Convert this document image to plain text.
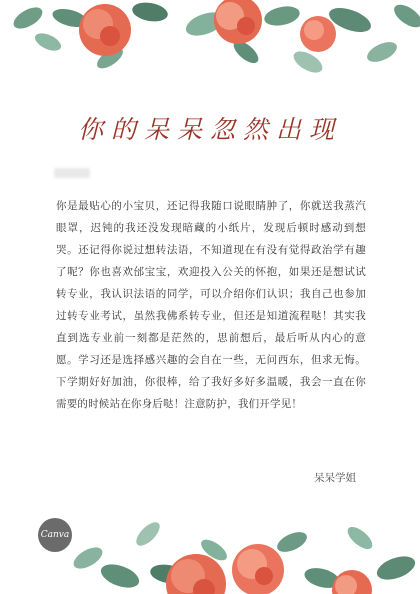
你的呆呆忽然出现
你是最贴心的小宝贝，还记得我随口说眼睛肿了，你就送我蒸汽眼罩，迟钝的我还没发现暗藏的小纸片，发现后顿时感动到想哭。还记得你说过想转法语，不知道现在有没有觉得政治学有趣了呢？你也喜欢邰宝宝，欢迎投入公关的怀抱，如果还是想试试转专业，我认识法语的同学，可以介绍你们认识；我自己也参加过转专业考试，虽然我佛系转专业，但还是知道流程哒！其实我直到选专业前一刻都是茫然的，思前想后，最后听从内心的意愿。学习还是选择感兴趣的会自在一些，无问西东，但求无悔。下学期好好加油，你很棒，给了我好多好多温暖，我会一直在你需要的时候站在你身后哒！注意防护，我们开学见！
呆呆学姐
Canva
